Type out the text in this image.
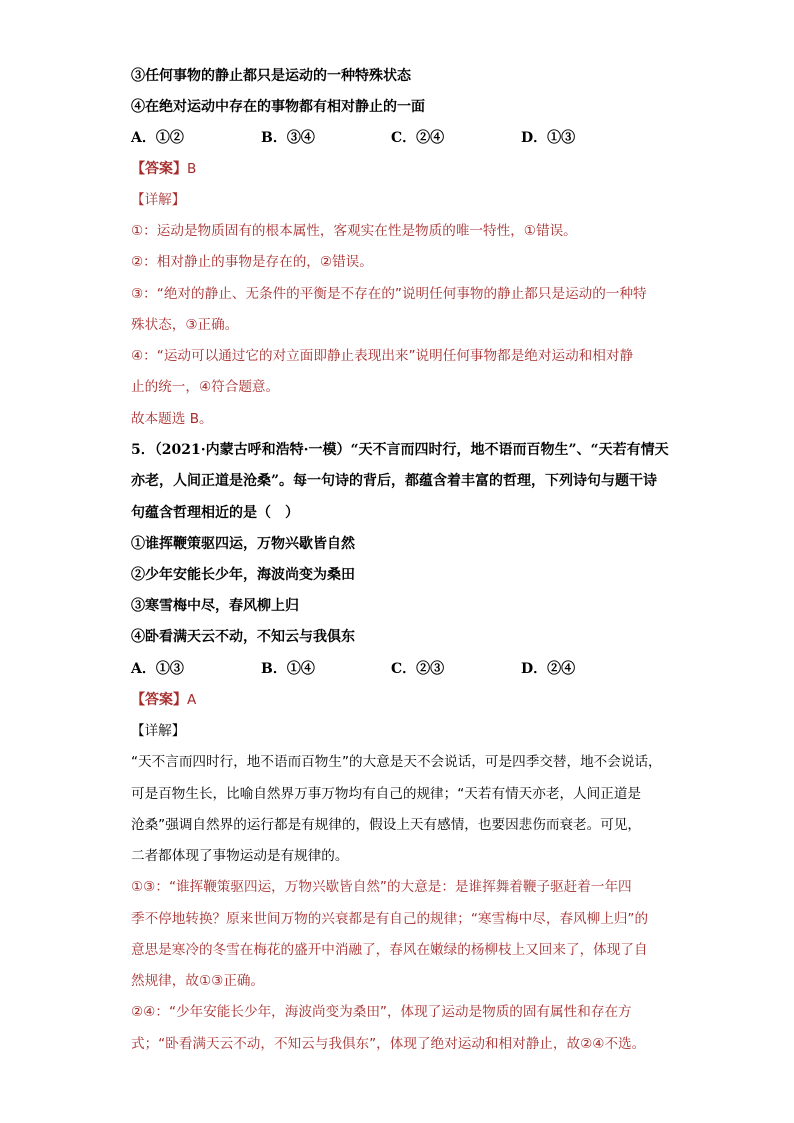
③任何事物的静止都只是运动的一种特殊状态
④在绝对运动中存在的事物都有相对静止的一面
A．①②	B．③④	C．②④	D．①③
【答案】B
【详解】
①：运动是物质固有的根本属性，客观实在性是物质的唯一特性，①错误。
②：相对静止的事物是存在的，②错误。
③：“绝对的静止、无条件的平衡是不存在的”说明任何事物的静止都只是运动的一种特
殊状态，③正确。
④：“运动可以通过它的对立面即静止表现出来”说明任何事物都是绝对运动和相对静
止的统一，④符合题意。
故本题选 B。
5．（2021·内蒙古呼和浩特·一模）“天不言而四时行，地不语而百物生”、“天若有情天
亦老，人间正道是沧桑”。每一句诗的背后，都蕴含着丰富的哲理，下列诗句与题干诗
句蕴含哲理相近的是（　）
①谁挥鞭策驱四运，万物兴歇皆自然
②少年安能长少年，海波尚变为桑田
③寒雪梅中尽，春风柳上归
④卧看满天云不动，不知云与我俱东
A．①③	B．①④	C．②③	D．②④
【答案】A
【详解】
“天不言而四时行，地不语而百物生”的大意是天不会说话，可是四季交替，地不会说话，
可是百物生长，比喻自然界万事万物均有自己的规律；“天若有情天亦老，人间正道是
沧桑”强调自然界的运行都是有规律的，假设上天有感情，也要因悲伤而衰老。可见，
二者都体现了事物运动是有规律的。
①③：“谁挥鞭策驱四运，万物兴歇皆自然”的大意是：是谁挥舞着鞭子驱赶着一年四
季不停地转换？原来世间万物的兴衰都是有自己的规律；“寒雪梅中尽，春风柳上归”的
意思是寒冷的冬雪在梅花的盛开中消融了，春风在嫩绿的杨柳枝上又回来了，体现了自
然规律，故①③正确。
②④：“少年安能长少年，海波尚变为桑田”，体现了运动是物质的固有属性和存在方
式；“卧看满天云不动，不知云与我俱东”，体现了绝对运动和相对静止，故②④不选。
